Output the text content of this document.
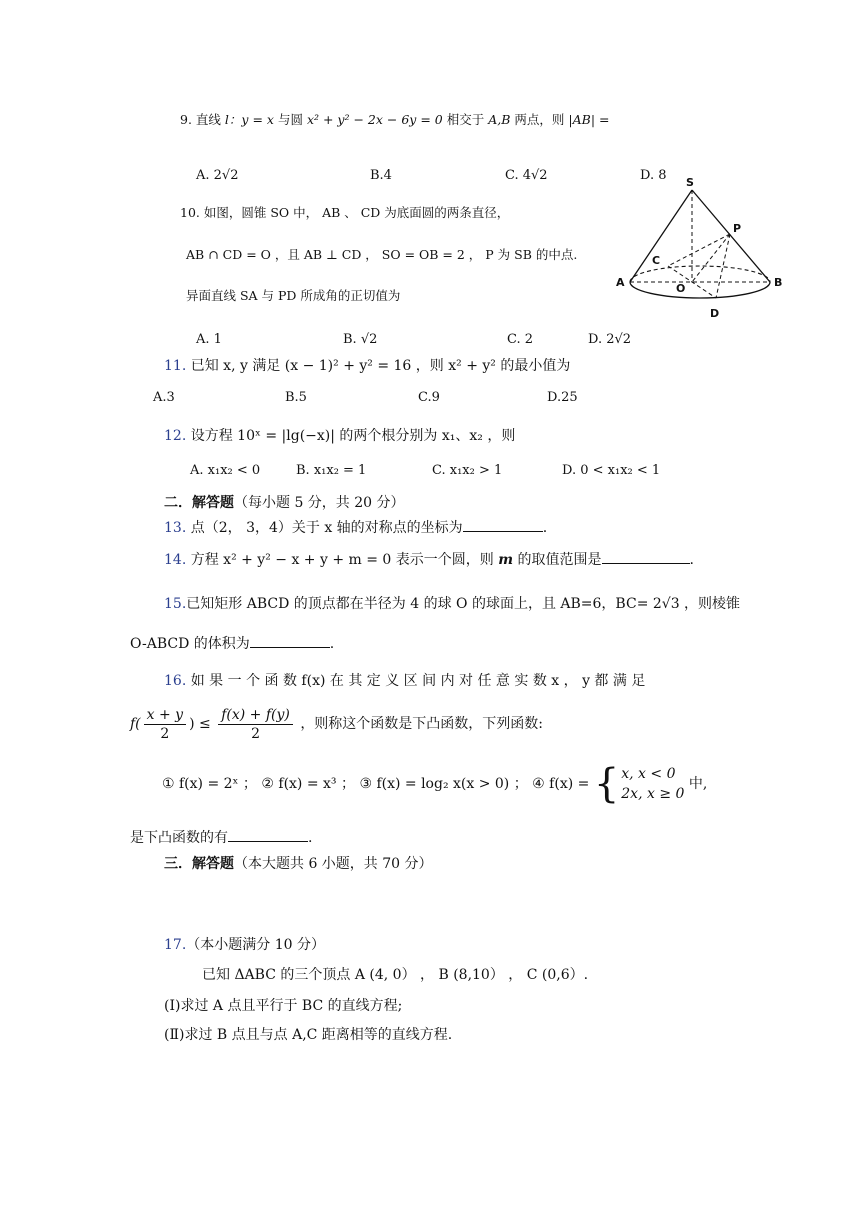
9. 直线 l：y = x 与圆 x² + y² − 2x − 6y = 0 相交于 A,B 两点，则 |AB| =
A. 2√2	B.4	C. 4√2	D. 8
10. 如图，圆锥 SO 中， AB 、 CD 为底面圆的两条直径，
AB ∩ CD = O ，且 AB ⊥ CD ， SO = OB = 2 ， P 为 SB 的中点.
异面直线 SA 与 PD 所成角的正切值为
A. 1	B. √2	C. 2	D. 2√2
S
P
C
A	O	B
D
11. 已知 x, y 满足 (x − 1)² + y² = 16 ，则 x² + y² 的最小值为
A.3	B.5	C.9	D.25
12. 设方程 10ˣ = |lg(−x)| 的两个根分别为 x₁、x₂ ，则
A. x₁x₂ < 0	B. x₁x₂ = 1	C. x₁x₂ > 1	D. 0 < x₁x₂ < 1
二．解答题（每小题 5 分，共 20 分）
13. 点（2， 3，4）关于 x 轴的对称点的坐标为	.
14. 方程 x² + y² − x + y + m = 0 表示一个圆，则 m 的取值范围是	.
15.已知矩形 ABCD 的顶点都在半径为 4 的球 O 的球面上，且 AB=6，BC= 2√3 ，则棱锥
O-ABCD 的体积为	.
16. 如 果 一 个 函 数 f(x) 在 其 定 义 区 间 内 对 任 意 实 数 x ， y 都 满 足
$f( \frac{x + y}{2}$ ) ≤ $\frac{f(x) + f(y)}{2}$ ，则称这个函数是下凸函数，下列函数:
① f(x) = 2ˣ ； ② f(x) = x³ ； ③ f(x) = log₂ x(x > 0) ； ④ f(x) = { x, x < 0
2x, x ≥ 0
中,
是下凸函数的有	.
三．解答题（本大题共 6 小题，共 70 分）
17.（本小题满分 10 分）
已知 ΔABC 的三个顶点 A (4, 0） ， B (8,10） ， C (0,6）.
(Ⅰ)求过 A 点且平行于 BC 的直线方程;
(Ⅱ)求过 B 点且与点 A,C 距离相等的直线方程.
